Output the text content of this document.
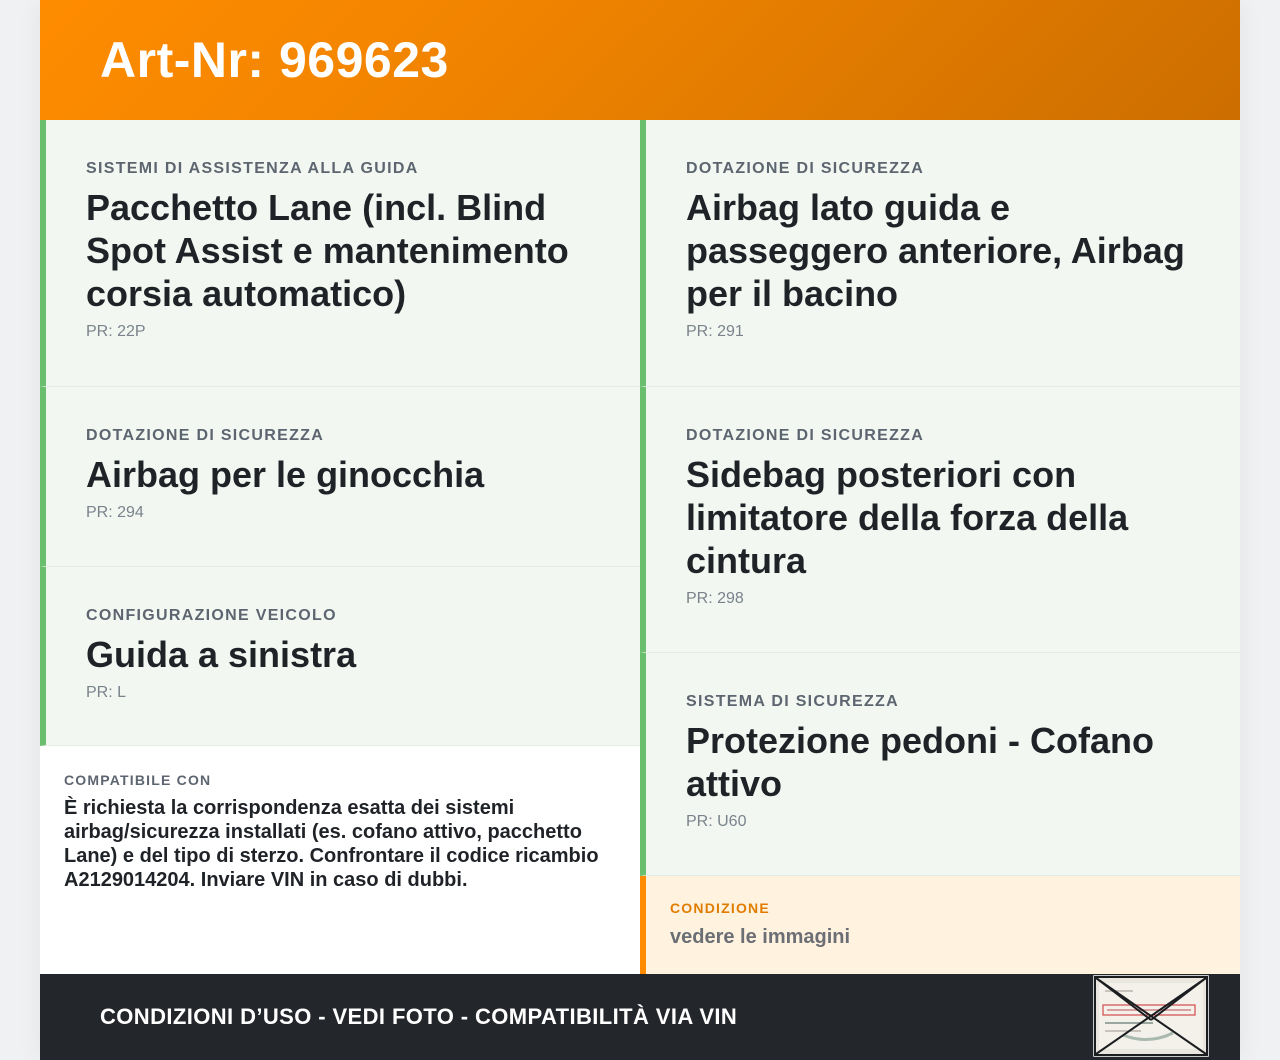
Art-Nr: 969623
SISTEMI DI ASSISTENZA ALLA GUIDA
Pacchetto Lane (incl. Blind Spot Assist e mantenimento corsia automatico)
PR: 22P
DOTAZIONE DI SICUREZZA
Airbag per le ginocchia
PR: 294
CONFIGURAZIONE VEICOLO
Guida a sinistra
PR: L
COMPATIBILE CON
È richiesta la corrispondenza esatta dei sistemi airbag/sicurezza installati (es. cofano attivo, pacchetto Lane) e del tipo di sterzo. Confrontare il codice ricambio A2129014204. Inviare VIN in caso di dubbi.
DOTAZIONE DI SICUREZZA
Airbag lato guida e passeggero anteriore, Airbag per il bacino
PR: 291
DOTAZIONE DI SICUREZZA
Sidebag posteriori con limitatore della forza della cintura
PR: 298
SISTEMA DI SICUREZZA
Protezione pedoni - Cofano attivo
PR: U60
CONDIZIONE
vedere le immagini
CONDIZIONI D’USO - VEDI FOTO - COMPATIBILITÀ VIA VIN
